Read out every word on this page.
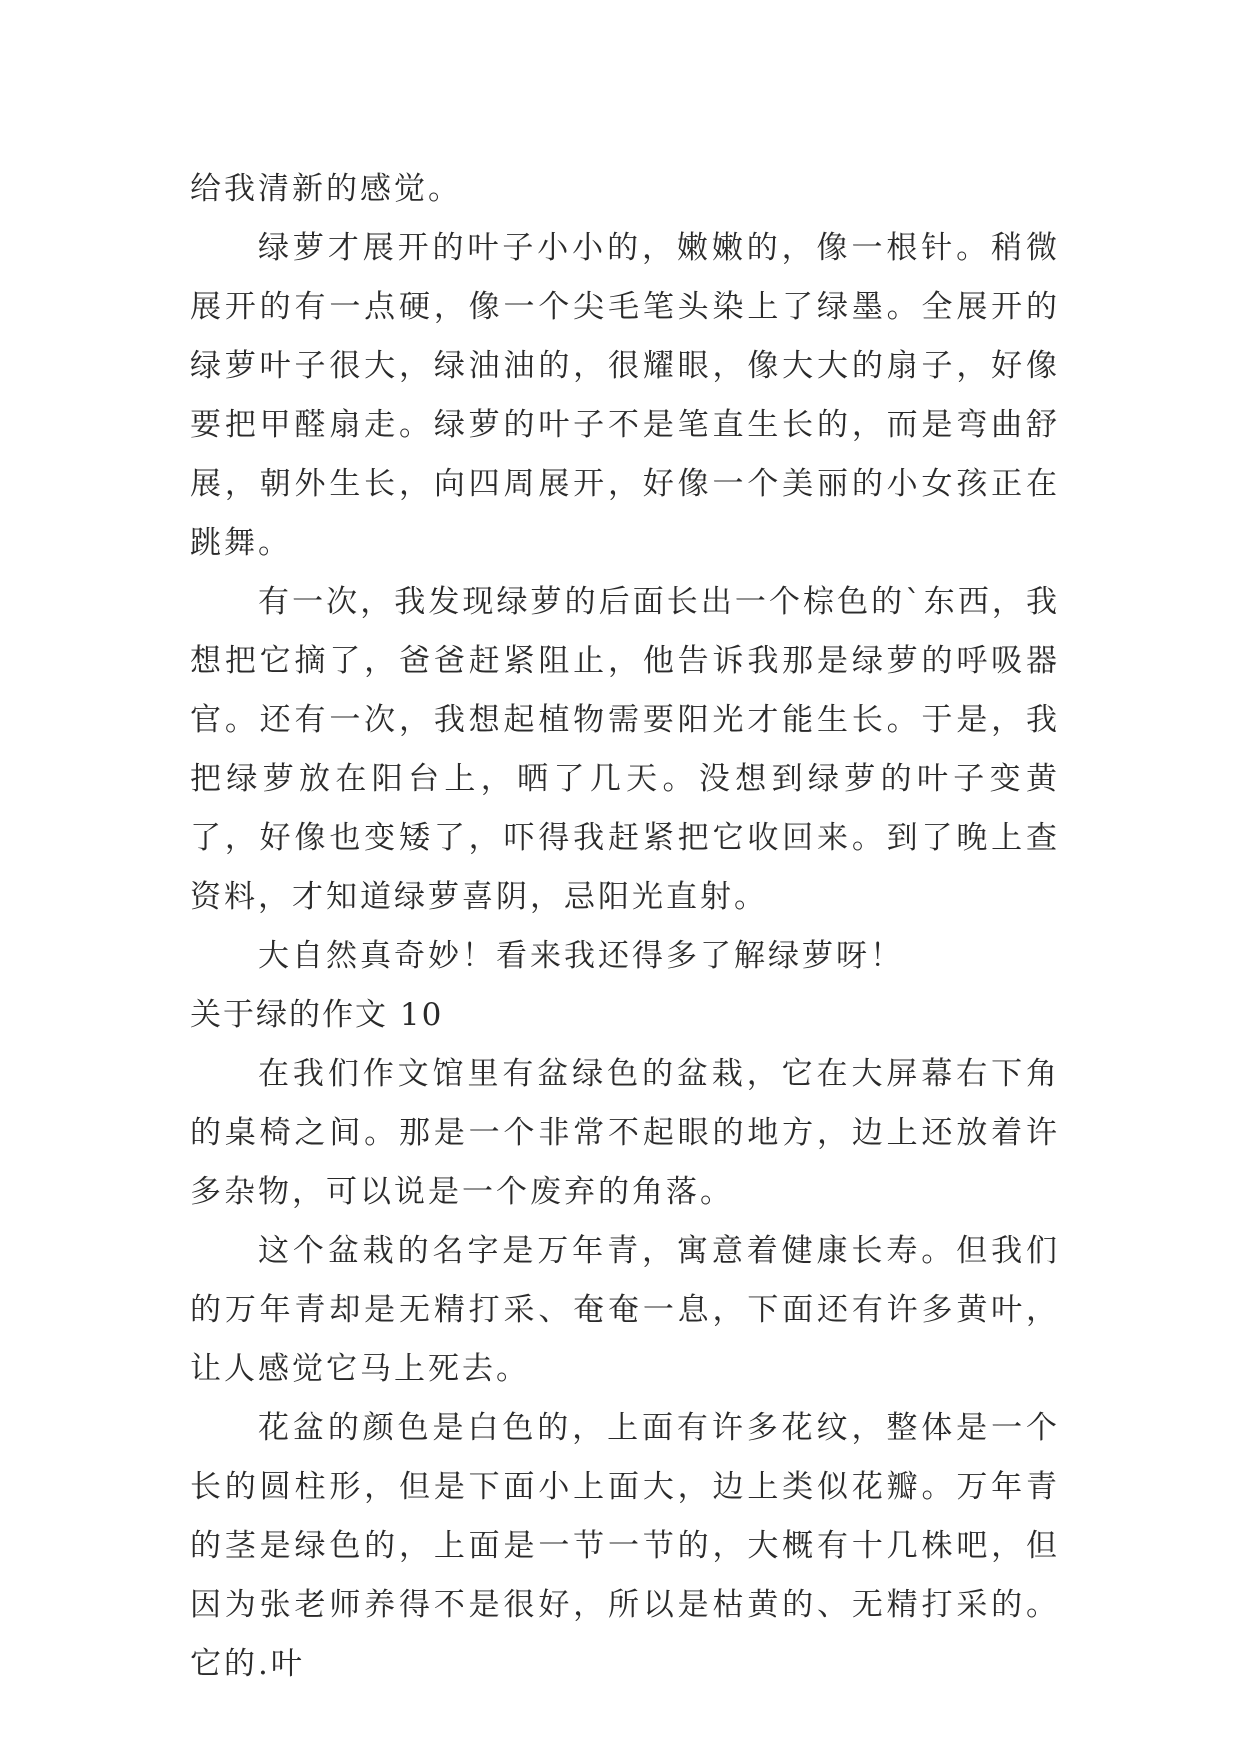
给我清新的感觉。

绿萝才展开的叶子小小的，嫩嫩的，像一根针。稍微展开的有一点硬，像一个尖毛笔头染上了绿墨。全展开的绿萝叶子很大，绿油油的，很耀眼，像大大的扇子，好像要把甲醛扇走。绿萝的叶子不是笔直生长的，而是弯曲舒展，朝外生长，向四周展开，好像一个美丽的小女孩正在跳舞。

有一次，我发现绿萝的后面长出一个棕色的`东西，我想把它摘了，爸爸赶紧阻止，他告诉我那是绿萝的呼吸器官。还有一次，我想起植物需要阳光才能生长。于是，我把绿萝放在阳台上，晒了几天。没想到绿萝的叶子变黄了，好像也变矮了，吓得我赶紧把它收回来。到了晚上查资料，才知道绿萝喜阴，忌阳光直射。

大自然真奇妙！看来我还得多了解绿萝呀！

关于绿的作文 10

在我们作文馆里有盆绿色的盆栽，它在大屏幕右下角的桌椅之间。那是一个非常不起眼的地方，边上还放着许多杂物，可以说是一个废弃的角落。

这个盆栽的名字是万年青，寓意着健康长寿。但我们的万年青却是无精打采、奄奄一息，下面还有许多黄叶，让人感觉它马上死去。

花盆的颜色是白色的，上面有许多花纹，整体是一个长的圆柱形，但是下面小上面大，边上类似花瓣。万年青的茎是绿色的，上面是一节一节的，大概有十几株吧，但因为张老师养得不是很好，所以是枯黄的、无精打采的。它的.叶
